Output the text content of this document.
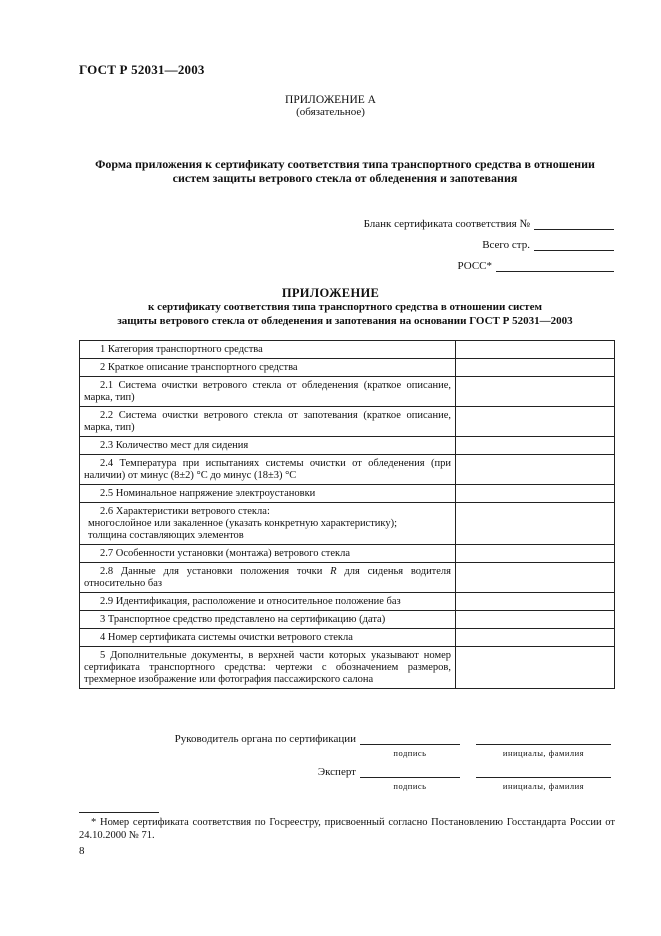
ГОСТ Р 52031—2003
ПРИЛОЖЕНИЕ А
(обязательное)
Форма приложения к сертификату соответствия типа транспортного средства в отношении
систем защиты ветрового стекла от обледенения и запотевания
Бланк сертификата соответствия №
Всего стр.
РОСС*
ПРИЛОЖЕНИЕ
к сертификату соответствия типа транспортного средства в отношении систем
защиты ветрового стекла от обледенения и запотевания на основании ГОСТ Р 52031—2003
1 Категория транспортного средства	
2 Краткое описание транспортного средства	
2.1 Система очистки ветрового стекла от обледенения (краткое описание, марка, тип)	
2.2 Система очистки ветрового стекла от запотевания (краткое описание, марка, тип)	
2.3 Количество мест для сидения	
2.4 Температура при испытаниях системы очистки от обледенения (при наличии) от минус (8±2) °С до минус (18±3) °С	
2.5 Номинальное напряжение электроустановки	

2.6 Характеристики ветрового стекла:
многослойное или закаленное (указать конкретную характеристику);
толщина составляющих элементов	

2.7 Особенности установки (монтажа) ветрового стекла	
2.8 Данные для установки положения точки R для сиденья водителя относительно баз	
2.9 Идентификация, расположение и относительное положение баз	
3 Транспортное средство представлено на сертификацию (дата)	
4 Номер сертификата системы очистки ветрового стекла	
5 Дополнительные документы, в верхней части которых указывают номер сертификата транспортного средства: чертежи с обозначением размеров, трехмерное изображение или фотография пассажирского салона	
Руководитель органа по сертификации
подпись	инициалы, фамилия
Эксперт
подпись	инициалы, фамилия
* Номер сертификата соответствия по Госреестру, присвоенный согласно Постановлению Госстандарта России от 24.10.2000 № 71.
8
